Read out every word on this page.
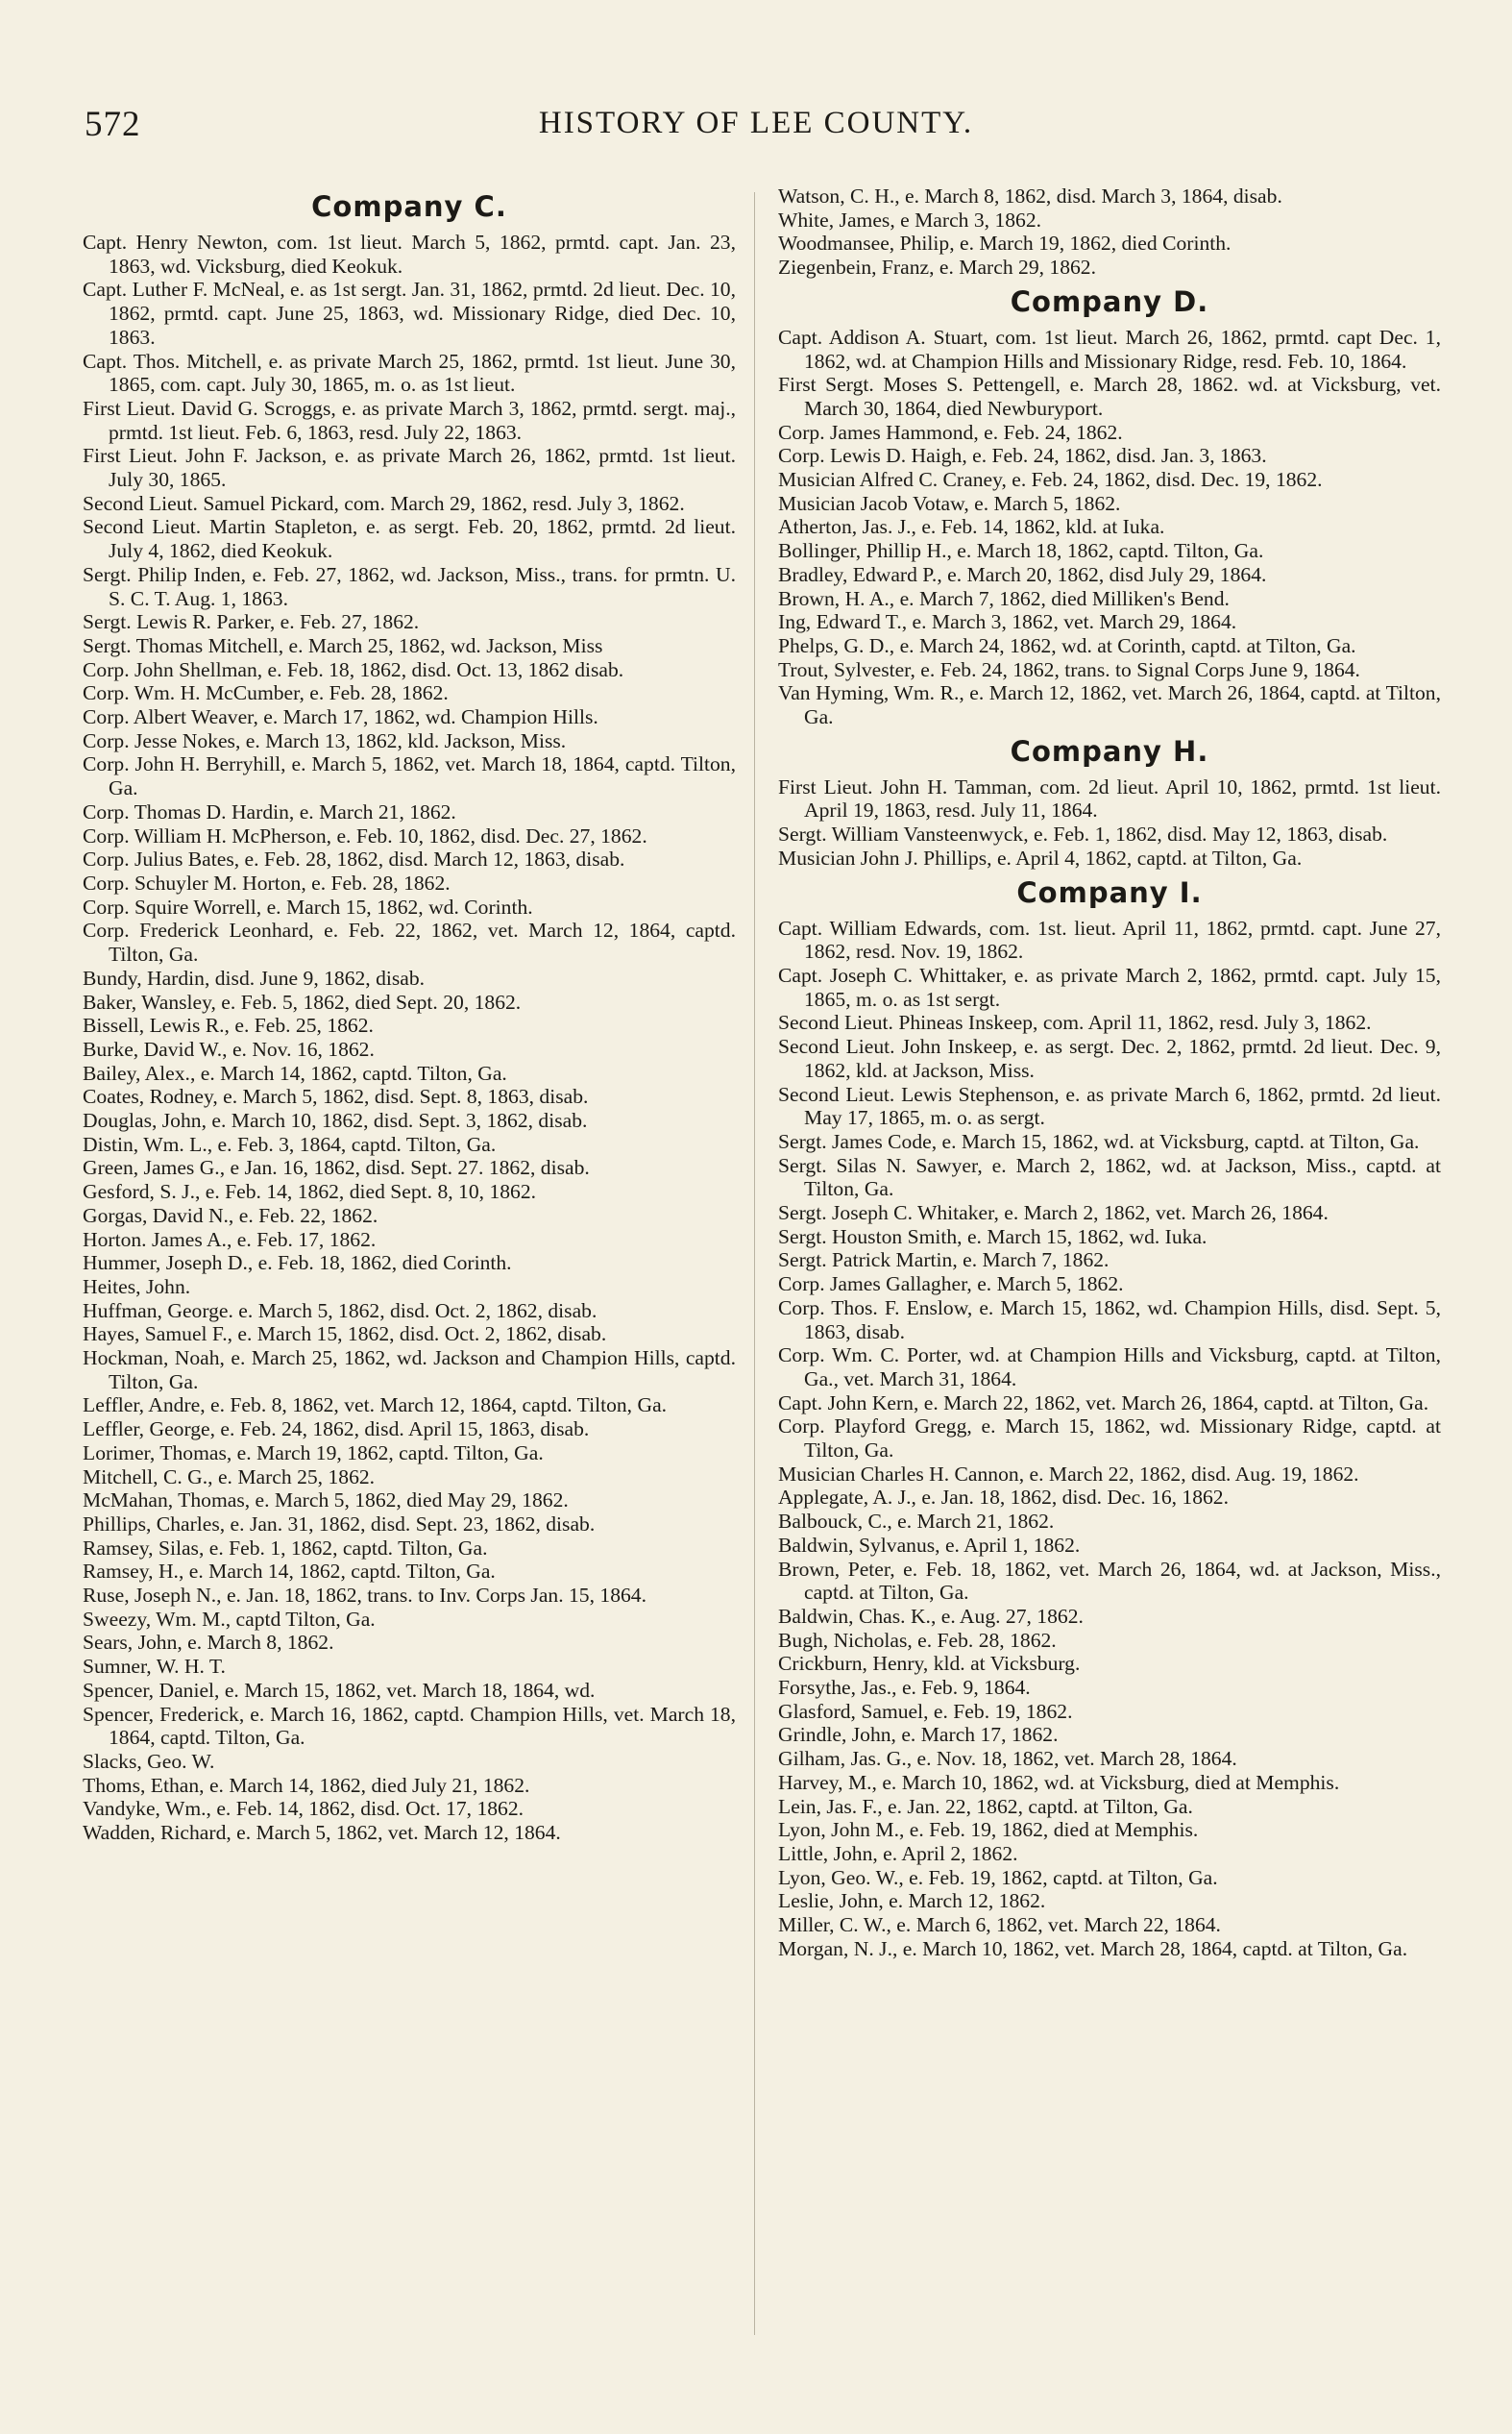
572	HISTORY OF LEE COUNTY.
Company C.

Capt. Henry Newton, com. 1st lieut. March 5, 1862, prmtd. capt. Jan. 23, 1863, wd. Vicksburg, died Keokuk.

Capt. Luther F. McNeal, e. as 1st sergt. Jan. 31, 1862, prmtd. 2d lieut. Dec. 10, 1862, prmtd. capt. June 25, 1863, wd. Missionary Ridge, died Dec. 10, 1863.

Capt. Thos. Mitchell, e. as private March 25, 1862, prmtd. 1st lieut. June 30, 1865, com. capt. July 30, 1865, m. o. as 1st lieut.

First Lieut. David G. Scroggs, e. as private March 3, 1862, prmtd. sergt. maj., prmtd. 1st lieut. Feb. 6, 1863, resd. July 22, 1863.

First Lieut. John F. Jackson, e. as private March 26, 1862, prmtd. 1st lieut. July 30, 1865.

Second Lieut. Samuel Pickard, com. March 29, 1862, resd. July 3, 1862.

Second Lieut. Martin Stapleton, e. as sergt. Feb. 20, 1862, prmtd. 2d lieut. July 4, 1862, died Keokuk.

Sergt. Philip Inden, e. Feb. 27, 1862, wd. Jackson, Miss., trans. for prmtn. U. S. C. T. Aug. 1, 1863.

Sergt. Lewis R. Parker, e. Feb. 27, 1862.

Sergt. Thomas Mitchell, e. March 25, 1862, wd. Jackson, Miss

Corp. John Shellman, e. Feb. 18, 1862, disd. Oct. 13, 1862 disab.

Corp. Wm. H. McCumber, e. Feb. 28, 1862.

Corp. Albert Weaver, e. March 17, 1862, wd. Champion Hills.

Corp. Jesse Nokes, e. March 13, 1862, kld. Jackson, Miss.

Corp. John H. Berryhill, e. March 5, 1862, vet. March 18, 1864, captd. Tilton, Ga.

Corp. Thomas D. Hardin, e. March 21, 1862.

Corp. William H. McPherson, e. Feb. 10, 1862, disd. Dec. 27, 1862.

Corp. Julius Bates, e. Feb. 28, 1862, disd. March 12, 1863, disab.

Corp. Schuyler M. Horton, e. Feb. 28, 1862.

Corp. Squire Worrell, e. March 15, 1862, wd. Corinth.

Corp. Frederick Leonhard, e. Feb. 22, 1862, vet. March 12, 1864, captd. Tilton, Ga.

Bundy, Hardin, disd. June 9, 1862, disab.

Baker, Wansley, e. Feb. 5, 1862, died Sept. 20, 1862.

Bissell, Lewis R., e. Feb. 25, 1862.

Burke, David W., e. Nov. 16, 1862.

Bailey, Alex., e. March 14, 1862, captd. Tilton, Ga.

Coates, Rodney, e. March 5, 1862, disd. Sept. 8, 1863, disab.

Douglas, John, e. March 10, 1862, disd. Sept. 3, 1862, disab.

Distin, Wm. L., e. Feb. 3, 1864, captd. Tilton, Ga.

Green, James G., e Jan. 16, 1862, disd. Sept. 27. 1862, disab.

Gesford, S. J., e. Feb. 14, 1862, died Sept. 8, 10, 1862.

Gorgas, David N., e. Feb. 22, 1862.

Horton. James A., e. Feb. 17, 1862.

Hummer, Joseph D., e. Feb. 18, 1862, died Corinth.

Heites, John.

Huffman, George. e. March 5, 1862, disd. Oct. 2, 1862, disab.

Hayes, Samuel F., e. March 15, 1862, disd. Oct. 2, 1862, disab.

Hockman, Noah, e. March 25, 1862, wd. Jackson and Champion Hills, captd. Tilton, Ga.

Leffler, Andre, e. Feb. 8, 1862, vet. March 12, 1864, captd. Tilton, Ga.

Leffler, George, e. Feb. 24, 1862, disd. April 15, 1863, disab.

Lorimer, Thomas, e. March 19, 1862, captd. Tilton, Ga.

Mitchell, C. G., e. March 25, 1862.

McMahan, Thomas, e. March 5, 1862, died May 29, 1862.

Phillips, Charles, e. Jan. 31, 1862, disd. Sept. 23, 1862, disab.

Ramsey, Silas, e. Feb. 1, 1862, captd. Tilton, Ga.

Ramsey, H., e. March 14, 1862, captd. Tilton, Ga.

Ruse, Joseph N., e. Jan. 18, 1862, trans. to Inv. Corps Jan. 15, 1864.

Sweezy, Wm. M., captd Tilton, Ga.

Sears, John, e. March 8, 1862.

Sumner, W. H. T.

Spencer, Daniel, e. March 15, 1862, vet. March 18, 1864, wd.

Spencer, Frederick, e. March 16, 1862, captd. Champion Hills, vet. March 18, 1864, captd. Tilton, Ga.

Slacks, Geo. W.

Thoms, Ethan, e. March 14, 1862, died July 21, 1862.

Vandyke, Wm., e. Feb. 14, 1862, disd. Oct. 17, 1862.

Wadden, Richard, e. March 5, 1862, vet. March 12, 1864.

Watson, C. H., e. March 8, 1862, disd. March 3, 1864, disab.

White, James, e March 3, 1862.

Woodmansee, Philip, e. March 19, 1862, died Corinth.

Ziegenbein, Franz, e. March 29, 1862.

Company D.

Capt. Addison A. Stuart, com. 1st lieut. March 26, 1862, prmtd. capt Dec. 1, 1862, wd. at Champion Hills and Missionary Ridge, resd. Feb. 10, 1864.

First Sergt. Moses S. Pettengell, e. March 28, 1862. wd. at Vicksburg, vet. March 30, 1864, died Newburyport.

Corp. James Hammond, e. Feb. 24, 1862.

Corp. Lewis D. Haigh, e. Feb. 24, 1862, disd. Jan. 3, 1863.

Musician Alfred C. Craney, e. Feb. 24, 1862, disd. Dec. 19, 1862.

Musician Jacob Votaw, e. March 5, 1862.

Atherton, Jas. J., e. Feb. 14, 1862, kld. at Iuka.

Bollinger, Phillip H., e. March 18, 1862, captd. Tilton, Ga.

Bradley, Edward P., e. March 20, 1862, disd July 29, 1864.

Brown, H. A., e. March 7, 1862, died Milliken's Bend.

Ing, Edward T., e. March 3, 1862, vet. March 29, 1864.

Phelps, G. D., e. March 24, 1862, wd. at Corinth, captd. at Tilton, Ga.

Trout, Sylvester, e. Feb. 24, 1862, trans. to Signal Corps June 9, 1864.

Van Hyming, Wm. R., e. March 12, 1862, vet. March 26, 1864, captd. at Tilton, Ga.

Company H.

First Lieut. John H. Tamman, com. 2d lieut. April 10, 1862, prmtd. 1st lieut. April 19, 1863, resd. July 11, 1864.

Sergt. William Vansteenwyck, e. Feb. 1, 1862, disd. May 12, 1863, disab.

Musician John J. Phillips, e. April 4, 1862, captd. at Tilton, Ga.

Company I.

Capt. William Edwards, com. 1st. lieut. April 11, 1862, prmtd. capt. June 27, 1862, resd. Nov. 19, 1862.

Capt. Joseph C. Whittaker, e. as private March 2, 1862, prmtd. capt. July 15, 1865, m. o. as 1st sergt.

Second Lieut. Phineas Inskeep, com. April 11, 1862, resd. July 3, 1862.

Second Lieut. John Inskeep, e. as sergt. Dec. 2, 1862, prmtd. 2d lieut. Dec. 9, 1862, kld. at Jackson, Miss.

Second Lieut. Lewis Stephenson, e. as private March 6, 1862, prmtd. 2d lieut. May 17, 1865, m. o. as sergt.

Sergt. James Code, e. March 15, 1862, wd. at Vicksburg, captd. at Tilton, Ga.

Sergt. Silas N. Sawyer, e. March 2, 1862, wd. at Jackson, Miss., captd. at Tilton, Ga.

Sergt. Joseph C. Whitaker, e. March 2, 1862, vet. March 26, 1864.

Sergt. Houston Smith, e. March 15, 1862, wd. Iuka.

Sergt. Patrick Martin, e. March 7, 1862.

Corp. James Gallagher, e. March 5, 1862.

Corp. Thos. F. Enslow, e. March 15, 1862, wd. Champion Hills, disd. Sept. 5, 1863, disab.

Corp. Wm. C. Porter, wd. at Champion Hills and Vicksburg, captd. at Tilton, Ga., vet. March 31, 1864.

Capt. John Kern, e. March 22, 1862, vet. March 26, 1864, captd. at Tilton, Ga.

Corp. Playford Gregg, e. March 15, 1862, wd. Missionary Ridge, captd. at Tilton, Ga.

Musician Charles H. Cannon, e. March 22, 1862, disd. Aug. 19, 1862.

Applegate, A. J., e. Jan. 18, 1862, disd. Dec. 16, 1862.

Balbouck, C., e. March 21, 1862.

Baldwin, Sylvanus, e. April 1, 1862.

Brown, Peter, e. Feb. 18, 1862, vet. March 26, 1864, wd. at Jackson, Miss., captd. at Tilton, Ga.

Baldwin, Chas. K., e. Aug. 27, 1862.

Bugh, Nicholas, e. Feb. 28, 1862.

Crickburn, Henry, kld. at Vicksburg.

Forsythe, Jas., e. Feb. 9, 1864.

Glasford, Samuel, e. Feb. 19, 1862.

Grindle, John, e. March 17, 1862.

Gilham, Jas. G., e. Nov. 18, 1862, vet. March 28, 1864.

Harvey, M., e. March 10, 1862, wd. at Vicksburg, died at Memphis.

Lein, Jas. F., e. Jan. 22, 1862, captd. at Tilton, Ga.

Lyon, John M., e. Feb. 19, 1862, died at Memphis.

Little, John, e. April 2, 1862.

Lyon, Geo. W., e. Feb. 19, 1862, captd. at Tilton, Ga.

Leslie, John, e. March 12, 1862.

Miller, C. W., e. March 6, 1862, vet. March 22, 1864.

Morgan, N. J., e. March 10, 1862, vet. March 28, 1864, captd. at Tilton, Ga.
